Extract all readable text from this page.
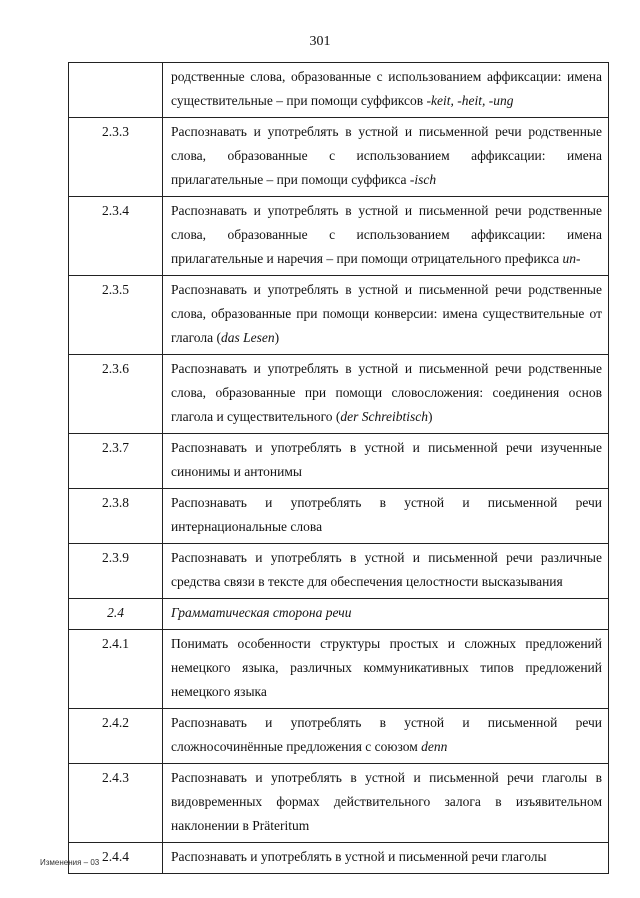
301
	родственные слова, образованные с использованием аффиксации: имена существительные – при помощи суффиксов -keit, -heit, -ung
2.3.3	Распознавать и употреблять в устной и письменной речи родственные слова, образованные с использованием аффиксации: имена прилагательные – при помощи суффикса -isch
2.3.4	Распознавать и употреблять в устной и письменной речи родственные слова, образованные с использованием аффиксации: имена прилагательные и наречия – при помощи отрицательного префикса un-
2.3.5	Распознавать и употреблять в устной и письменной речи родственные слова, образованные при помощи конверсии: имена существительные от глагола (das Lesen)
2.3.6	Распознавать и употреблять в устной и письменной речи родственные слова, образованные при помощи словосложения: соединения основ глагола и существительного (der Schreibtisch)
2.3.7	Распознавать и употреблять в устной и письменной речи изученные синонимы и антонимы
2.3.8	Распознавать и употреблять в устной и письменной речи интернациональные слова
2.3.9	Распознавать и употреблять в устной и письменной речи различные средства связи в тексте для обеспечения целостности высказывания
2.4	Грамматическая сторона речи
2.4.1	Понимать особенности структуры простых и сложных предложений немецкого языка, различных коммуникативных типов предложений немецкого языка
2.4.2	Распознавать и употреблять в устной и письменной речи сложносочинённые предложения с союзом denn
2.4.3	Распознавать и употреблять в устной и письменной речи глаголы в видовременных формах действительного залога в изъявительном наклонении в Präteritum
2.4.4	Распознавать и употреблять в устной и письменной речи глаголы
Изменения – 03
